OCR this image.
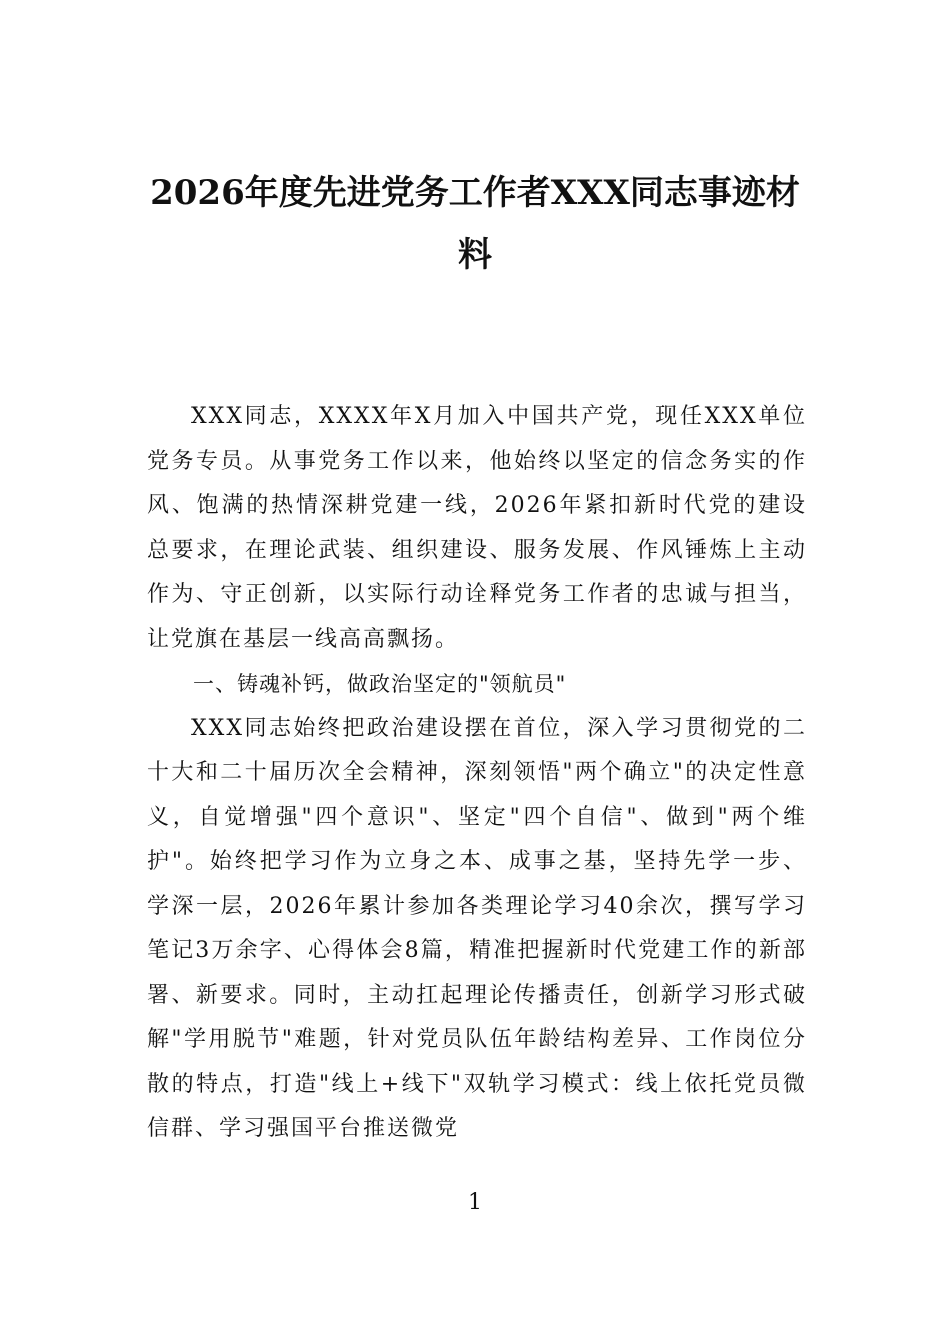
2026年度先进党务工作者XXX同志事迹材料

XXX同志，XXXX年X月加入中国共产党，现任XXX单位党务专员。从事党务工作以来，他始终以坚定的信念务实的作风、饱满的热情深耕党建一线，2026年紧扣新时代党的建设总要求，在理论武装、组织建设、服务发展、作风锤炼上主动作为、守正创新，以实际行动诠释党务工作者的忠诚与担当，让党旗在基层一线高高飘扬。

一、铸魂补钙，做政治坚定的"领航员"

XXX同志始终把政治建设摆在首位，深入学习贯彻党的二十大和二十届历次全会精神，深刻领悟"两个确立"的决定性意义，自觉增强"四个意识"、坚定"四个自信"、做到"两个维护"。始终把学习作为立身之本、成事之基，坚持先学一步、学深一层，2026年累计参加各类理论学习40余次，撰写学习笔记3万余字、心得体会8篇，精准把握新时代党建工作的新部署、新要求。同时，主动扛起理论传播责任，创新学习形式破解"学用脱节"难题，针对党员队伍年龄结构差异、工作岗位分散的特点，打造"线上+线下"双轨学习模式：线上依托党员微信群、学习强国平台推送微党

1
